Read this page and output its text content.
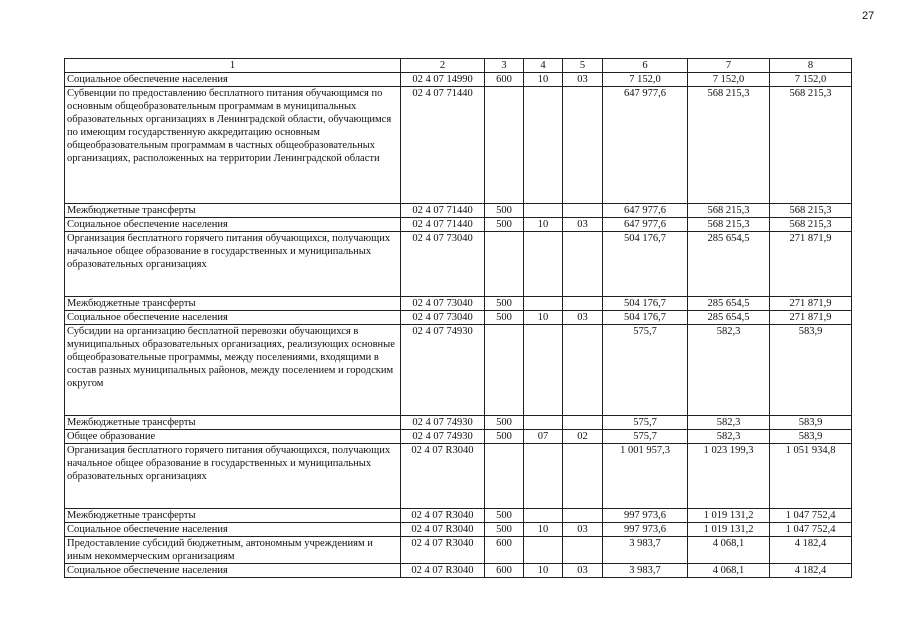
27
1	2	3	4	5	6	7	8
Социальное обеспечение населения	02 4 07 14990	600	10	03	7 152,0	7 152,0	7 152,0
Субвенции по предоставлению бесплатного питания обучающимся по основным общеобразовательным программам в муниципальных образовательных организациях в Ленинградской области, обучающимся по имеющим государственную аккредитацию основным общеобразовательным программам в частных общеобразовательных организациях, расположенных на территории Ленинградской области	02 4 07 71440				647 977,6	568 215,3	568 215,3
Межбюджетные трансферты	02 4 07 71440	500			647 977,6	568 215,3	568 215,3
Социальное обеспечение населения	02 4 07 71440	500	10	03	647 977,6	568 215,3	568 215,3
Организация бесплатного горячего питания обучающихся, получающих начальное общее образование в государственных и муниципальных образовательных организациях	02 4 07 73040				504 176,7	285 654,5	271 871,9
Межбюджетные трансферты	02 4 07 73040	500			504 176,7	285 654,5	271 871,9
Социальное обеспечение населения	02 4 07 73040	500	10	03	504 176,7	285 654,5	271 871,9
Субсидии на организацию бесплатной перевозки обучающихся в муниципальных образовательных организациях, реализующих основные общеобразовательные программы, между поселениями, входящими в состав разных муниципальных районов, между поселением и городским округом	02 4 07 74930				575,7	582,3	583,9
Межбюджетные трансферты	02 4 07 74930	500			575,7	582,3	583,9
Общее образование	02 4 07 74930	500	07	02	575,7	582,3	583,9
Организация бесплатного горячего питания обучающихся, получающих начальное общее образование в государственных и муниципальных образовательных организациях	02 4 07 R3040				1 001 957,3	1 023 199,3	1 051 934,8
Межбюджетные трансферты	02 4 07 R3040	500			997 973,6	1 019 131,2	1 047 752,4
Социальное обеспечение населения	02 4 07 R3040	500	10	03	997 973,6	1 019 131,2	1 047 752,4
Предоставление субсидий бюджетным, автономным учреждениям и иным некоммерческим организациям	02 4 07 R3040	600			3 983,7	4 068,1	4 182,4
Социальное обеспечение населения	02 4 07 R3040	600	10	03	3 983,7	4 068,1	4 182,4
